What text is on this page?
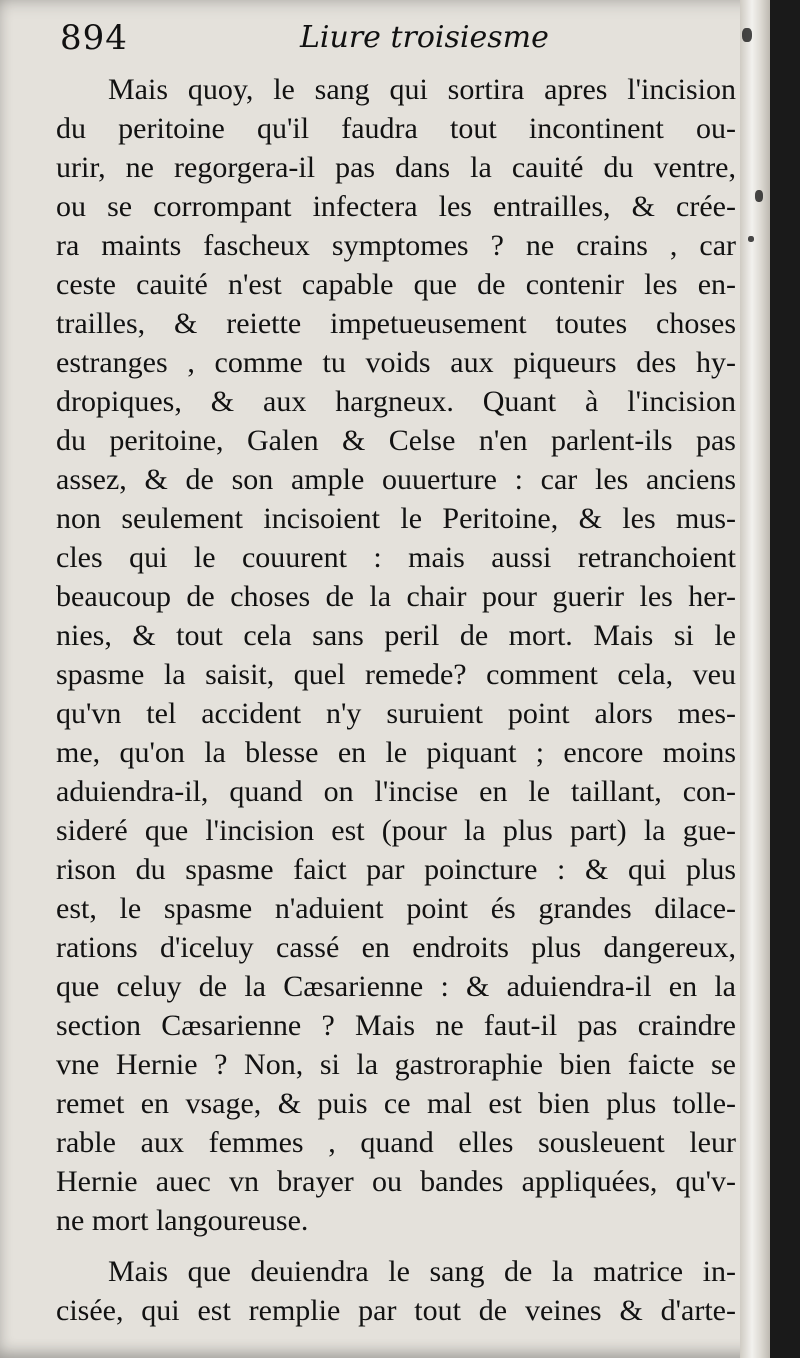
894	Liure troisiesme
Mais quoy, le sang qui sortira apres l'incision
du peritoine qu'il faudra tout incontinent ou-
urir, ne regorgera-il pas dans la cauité du ventre,
ou se corrompant infectera les entrailles, & crée-
ra maints fascheux symptomes ? ne crains , car
ceste cauité n'est capable que de contenir les en-
trailles, & reiette impetueusement toutes choses
estranges , comme tu voids aux piqueurs des hy-
dropiques, & aux hargneux. Quant à l'incision
du peritoine, Galen & Celse n'en parlent-ils pas
assez, & de son ample ouuerture : car les anciens
non seulement incisoient le Peritoine, & les mus-
cles qui le couurent : mais aussi retranchoient
beaucoup de choses de la chair pour guerir les her-
nies, & tout cela sans peril de mort. Mais si le
spasme la saisit, quel remede? comment cela, veu
qu'vn tel accident n'y suruient point alors mes-
me, qu'on la blesse en le piquant ; encore moins
aduiendra-il, quand on l'incise en le taillant, con-
sideré que l'incision est (pour la plus part) la gue-
rison du spasme faict par poincture : & qui plus
est, le spasme n'aduient point és grandes dilace-
rations d'iceluy cassé en endroits plus dangereux,
que celuy de la Cæsarienne : & aduiendra-il en la
section Cæsarienne ? Mais ne faut-il pas craindre
vne Hernie ? Non, si la gastroraphie bien faicte se
remet en vsage, & puis ce mal est bien plus tolle-
rable aux femmes , quand elles sousleuent leur
Hernie auec vn brayer ou bandes appliquées, qu'v-
ne mort langoureuse.
Mais que deuiendra le sang de la matrice in-
cisée, qui est remplie par tout de veines & d'arte-
